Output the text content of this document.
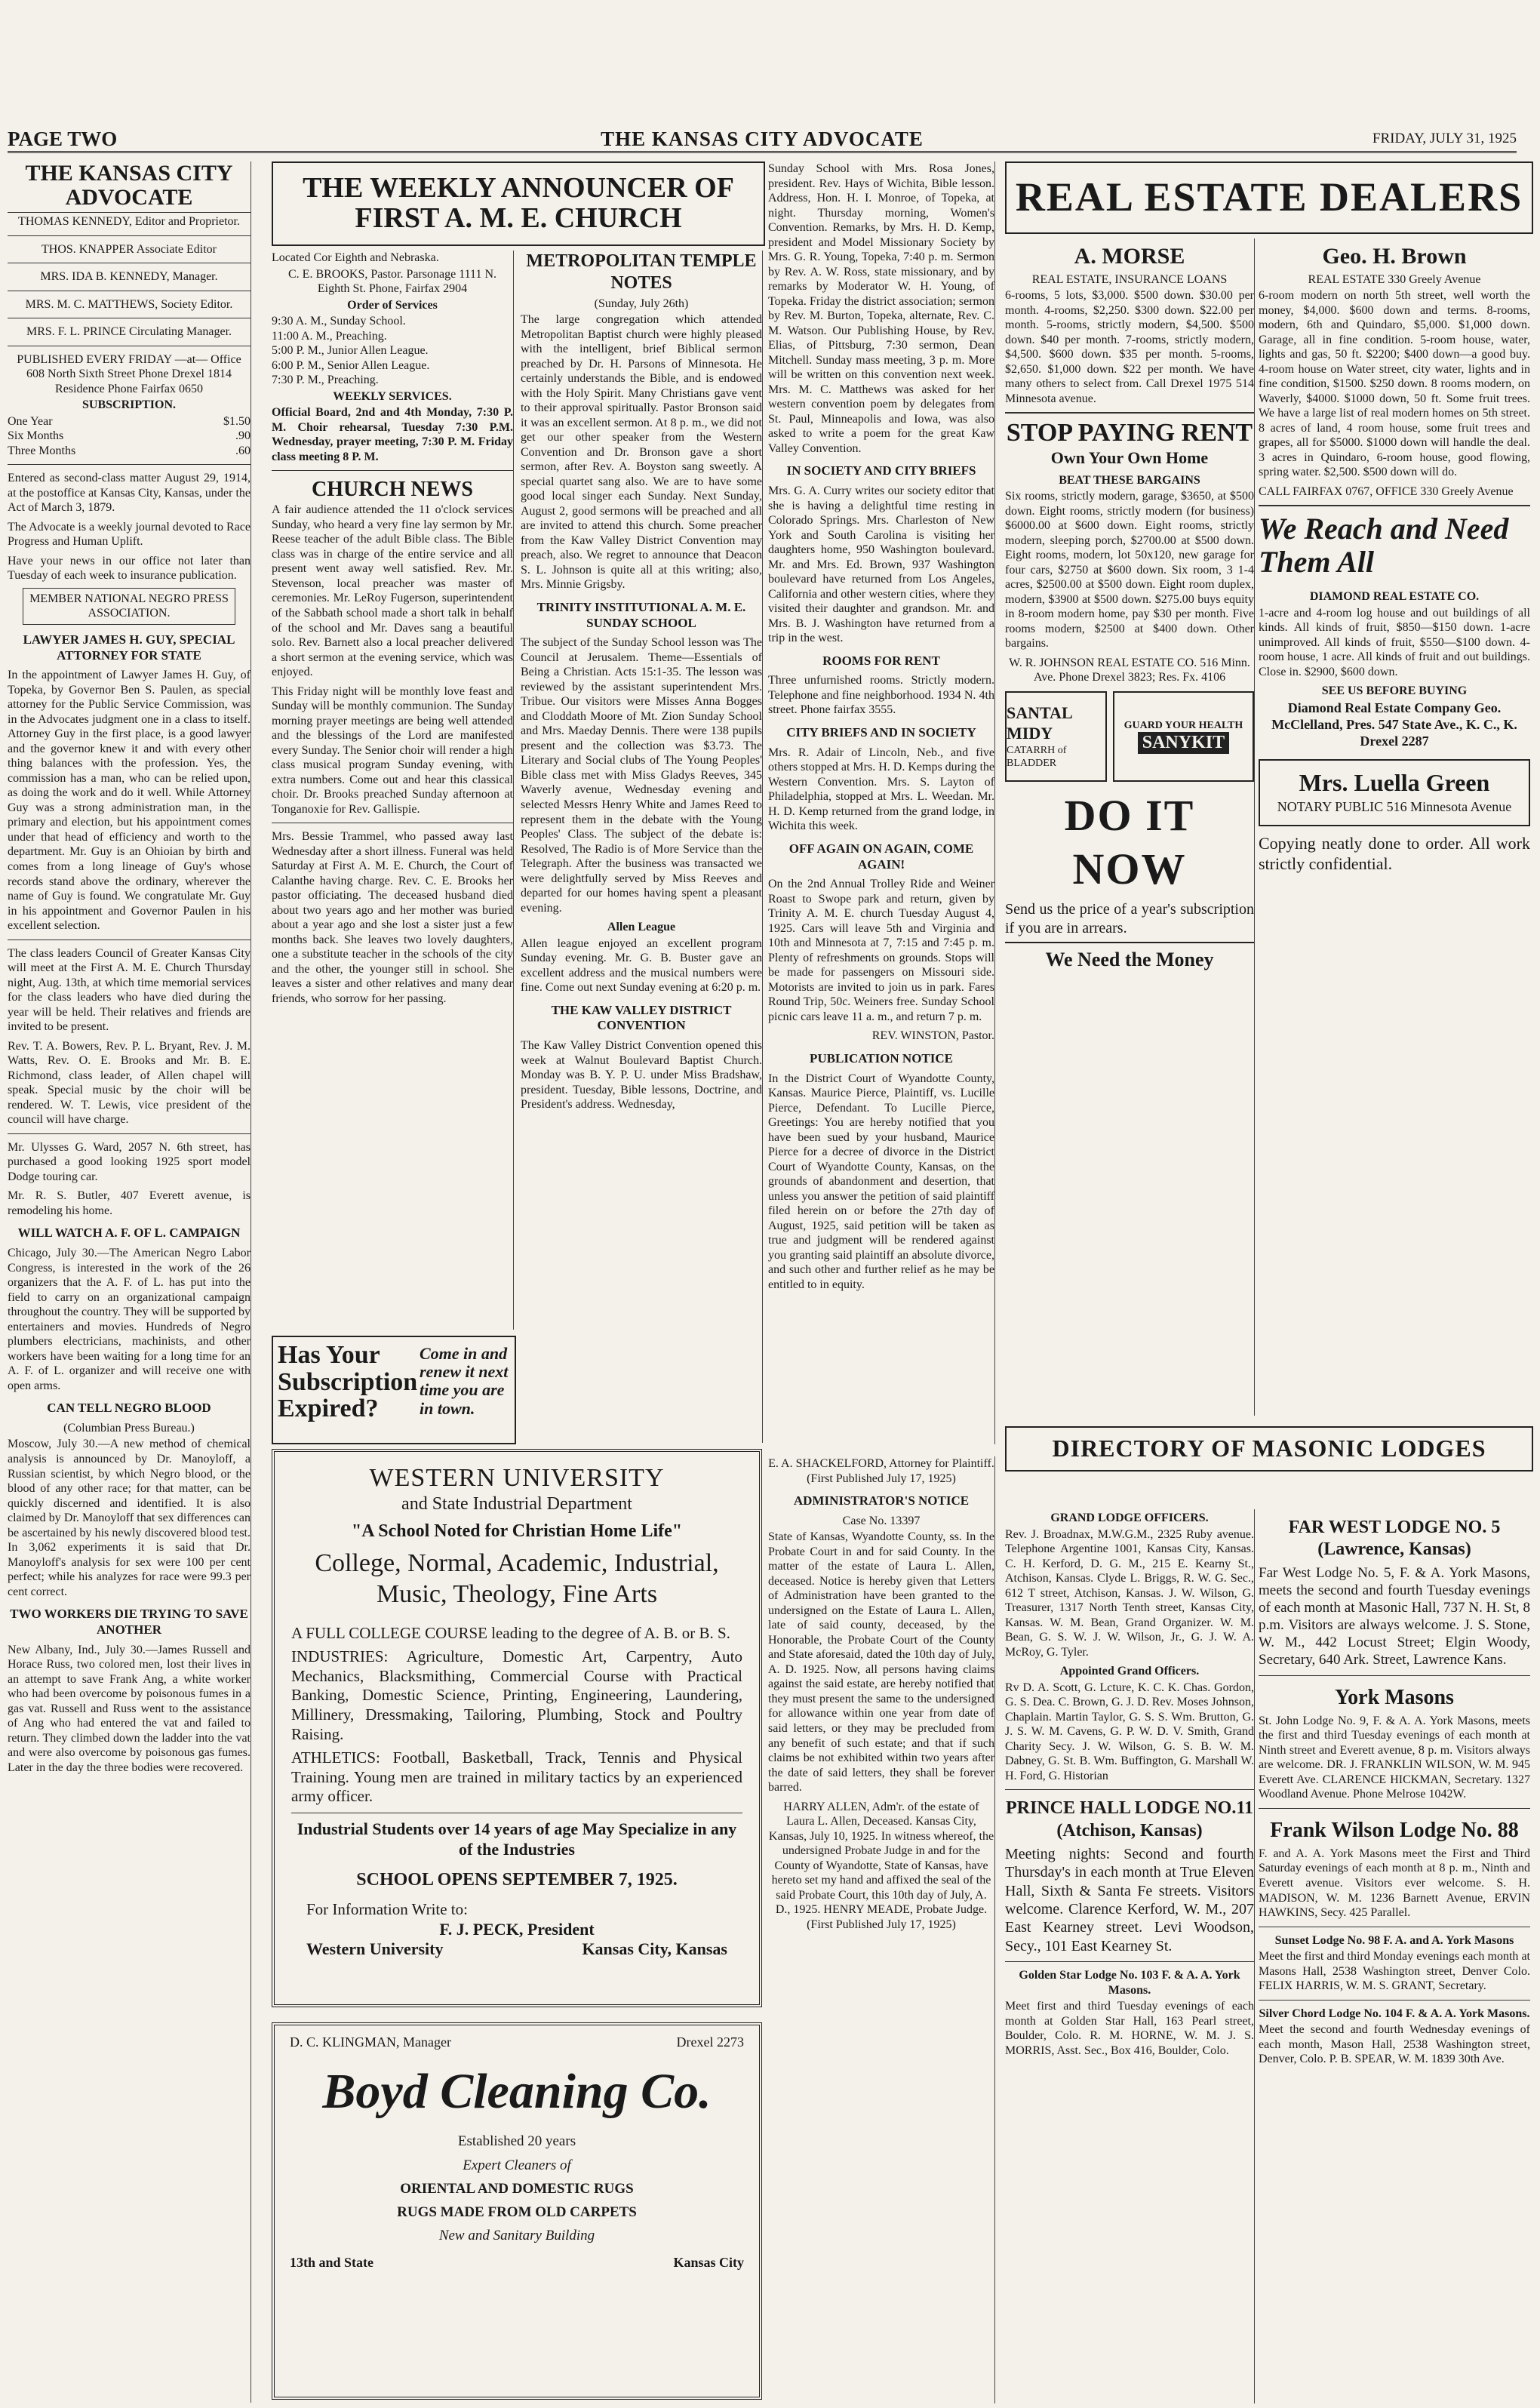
THE KANSAS CITY ADVOCATE
PAGE TWO	FRIDAY, JULY 31, 1925
THE KANSAS CITY ADVOCATE
THOMAS KENNEDY, Editor and Proprietor.
THOS. KNAPPER Associate Editor
MRS. IDA B. KENNEDY, Manager.
MRS. M. C. MATTHEWS, Society Editor.
MRS. F. L. PRINCE Circulating Manager.
PUBLISHED EVERY FRIDAY —at— Office 608 North Sixth Street Phone Drexel 1814 Residence Phone Fairfax 0650
SUBSCRIPTION.
One Year	$1.50
Six Months	.90
Three Months	.60

Entered as second-class matter August 29, 1914, at the postoffice at Kansas City, Kansas, under the Act of March 3, 1879.

The Advocate is a weekly journal devoted to Race Progress and Human Uplift.

Have your news in our office not later than Tuesday of each week to insurance publication.

MEMBER NATIONAL NEGRO PRESS ASSOCIATION.
LAWYER JAMES H. GUY, SPECIAL ATTORNEY FOR STATE

In the appointment of Lawyer James H. Guy, of Topeka, by Governor Ben S. Paulen, as special attorney for the Public Service Commission, was in the Advocates judgment one in a class to itself. Attorney Guy in the first place, is a good lawyer and the governor knew it and with every other thing balances with the profession. Yes, the commission has a man, who can be relied upon, as doing the work and do it well. While Attorney Guy was a strong administration man, in the primary and election, but his appointment comes under that head of efficiency and worth to the department. Mr. Guy is an Ohioian by birth and comes from a long lineage of Guy's whose records stand above the ordinary, wherever the name of Guy is found. We congratulate Mr. Guy in his appointment and Governor Paulen in his excellent selection.

The class leaders Council of Greater Kansas City will meet at the First A. M. E. Church Thursday night, Aug. 13th, at which time memorial services for the class leaders who have died during the year will be held. Their relatives and friends are invited to be present.

Rev. T. A. Bowers, Rev. P. L. Bryant, Rev. J. M. Watts, Rev. O. E. Brooks and Mr. B. E. Richmond, class leader, of Allen chapel will speak. Special music by the choir will be rendered. W. T. Lewis, vice president of the council will have charge.

Mr. Ulysses G. Ward, 2057 N. 6th street, has purchased a good looking 1925 sport model Dodge touring car.

Mr. R. S. Butler, 407 Everett avenue, is remodeling his home.

WILL WATCH A. F. OF L. CAMPAIGN

Chicago, July 30.—The American Negro Labor Congress, is interested in the work of the 26 organizers that the A. F. of L. has put into the field to carry on an organizational campaign throughout the country. They will be supported by entertainers and movies. Hundreds of Negro plumbers electricians, machinists, and other workers have been waiting for a long time for an A. F. of L. organizer and will receive one with open arms.

CAN TELL NEGRO BLOOD
(Columbian Press Bureau.)

Moscow, July 30.—A new method of chemical analysis is announced by Dr. Manoyloff, a Russian scientist, by which Negro blood, or the blood of any other race; for that matter, can be quickly discerned and identified. It is also claimed by Dr. Manoyloff that sex differences can be ascertained by his newly discovered blood test. In 3,062 experiments it is said that Dr. Manoyloff's analysis for sex were 100 per cent perfect; while his analyzes for race were 99.3 per cent correct.

TWO WORKERS DIE TRYING TO SAVE ANOTHER

New Albany, Ind., July 30.—James Russell and Horace Russ, two colored men, lost their lives in an attempt to save Frank Ang, a white worker who had been overcome by poisonous fumes in a gas vat. Russell and Russ went to the assistance of Ang who had entered the vat and failed to return. They climbed down the ladder into the vat and were also overcome by poisonous gas fumes. Later in the day the three bodies were recovered.

THE WEEKLY ANNOUNCER OF FIRST A. M. E. CHURCH
Located Cor Eighth and Nebraska.
C. E. BROOKS, Pastor. Parsonage 1111 N. Eighth St. Phone, Fairfax 2904
Order of Services
9:30 A. M., Sunday School.
11:00 A. M., Preaching.
5:00 P. M., Junior Allen League.
6:00 P. M., Senior Allen League.
7:30 P. M., Preaching.
WEEKLY SERVICES.

Official Board, 2nd and 4th Monday, 7:30 P. M. Choir rehearsal, Tuesday 7:30 P.M. Wednesday, prayer meeting, 7:30 P. M. Friday class meeting 8 P. M.

CHURCH NEWS

A fair audience attended the 11 o'clock services Sunday, who heard a very fine lay sermon by Mr. Reese teacher of the adult Bible class. The Bible class was in charge of the entire service and all present went away well satisfied. Rev. Mr. Stevenson, local preacher was master of ceremonies. Mr. LeRoy Fugerson, superintendent of the Sabbath school made a short talk in behalf of the school and Mr. Daves sang a beautiful solo. Rev. Barnett also a local preacher delivered a short sermon at the evening service, which was enjoyed.

This Friday night will be monthly love feast and Sunday will be monthly communion. The Sunday morning prayer meetings are being well attended and the blessings of the Lord are manifested every Sunday. The Senior choir will render a high class musical program Sunday evening, with extra numbers. Come out and hear this classical choir. Dr. Brooks preached Sunday afternoon at Tonganoxie for Rev. Gallispie.

Mrs. Bessie Trammel, who passed away last Wednesday after a short illness. Funeral was held Saturday at First A. M. E. Church, the Court of Calanthe having charge. Rev. C. E. Brooks her pastor officiating. The deceased husband died about two years ago and her mother was buried about a year ago and she lost a sister just a few months back. She leaves two lovely daughters, one a substitute teacher in the schools of the city and the other, the younger still in school. She leaves a sister and other relatives and many dear friends, who sorrow for her passing.

METROPOLITAN TEMPLE NOTES
(Sunday, July 26th)

The large congregation which attended Metropolitan Baptist church were highly pleased with the intelligent, brief Biblical sermon preached by Dr. H. Parsons of Minnesota. He certainly understands the Bible, and is endowed with the Holy Spirit. Many Christians gave vent to their approval spiritually. Pastor Bronson said it was an excellent sermon. At 8 p. m., we did not get our other speaker from the Western Convention and Dr. Bronson gave a short sermon, after Rev. A. Boyston sang sweetly. A special quartet sang also. We are to have some good local singer each Sunday. Next Sunday, August 2, good sermons will be preached and all are invited to attend this church. Some preacher from the Kaw Valley District Convention may preach, also. We regret to announce that Deacon S. L. Johnson is quite all at this writing; also, Mrs. Minnie Grigsby.

TRINITY INSTITUTIONAL A. M. E. SUNDAY SCHOOL

The subject of the Sunday School lesson was The Council at Jerusalem. Theme—Essentials of Being a Christian. Acts 15:1-35. The lesson was reviewed by the assistant superintendent Mrs. Tribue. Our visitors were Misses Anna Bogges and Cloddath Moore of Mt. Zion Sunday School and Mrs. Maeday Dennis. There were 138 pupils present and the collection was $3.73. The Literary and Social clubs of The Young Peoples' Bible class met with Miss Gladys Reeves, 345 Waverly avenue, Wednesday evening and selected Messrs Henry White and James Reed to represent them in the debate with the Young Peoples' Class. The subject of the debate is: Resolved, The Radio is of More Service than the Telegraph. After the business was transacted we were delightfully served by Miss Reeves and departed for our homes having spent a pleasant evening.

Allen League

Allen league enjoyed an excellent program Sunday evening. Mr. G. B. Buster gave an excellent address and the musical numbers were fine. Come out next Sunday evening at 6:20 p. m.

THE KAW VALLEY DISTRICT CONVENTION

The Kaw Valley District Convention opened this week at Walnut Boulevard Baptist Church. Monday was B. Y. P. U. under Miss Bradshaw, president. Tuesday, Bible lessons, Doctrine, and President's address. Wednesday,

Has Your Subscription Expired?
Come in and renew it next time you are in town.

Sunday School with Mrs. Rosa Jones, president. Rev. Hays of Wichita, Bible lesson. Address, Hon. H. I. Monroe, of Topeka, at night. Thursday morning, Women's Convention. Remarks, by Mrs. H. D. Kemp, president and Model Missionary Society by Mrs. G. R. Young, Topeka, 7:40 p. m. Sermon by Rev. A. W. Ross, state missionary, and by remarks by Moderator W. H. Young, of Topeka. Friday the district association; sermon by Rev. M. Burton, Topeka, alternate, Rev. C. M. Watson. Our Publishing House, by Rev. Elias, of Pittsburg, 7:30 sermon, Dean Mitchell. Sunday mass meeting, 3 p. m. More will be written on this convention next week. Mrs. M. C. Matthews was asked for her western convention poem by delegates from St. Paul, Minneapolis and Iowa, was also asked to write a poem for the great Kaw Valley Convention.

IN SOCIETY AND CITY BRIEFS

Mrs. G. A. Curry writes our society editor that she is having a delightful time resting in Colorado Springs. Mrs. Charleston of New York and South Carolina is visiting her daughters home, 950 Washington boulevard. Mr. and Mrs. Ed. Brown, 937 Washington boulevard have returned from Los Angeles, California and other western cities, where they visited their daughter and grandson. Mr. and Mrs. B. J. Washington have returned from a trip in the west.

ROOMS FOR RENT

Three unfurnished rooms. Strictly modern. Telephone and fine neighborhood. 1934 N. 4th street. Phone fairfax 3555.

CITY BRIEFS AND IN SOCIETY

Mrs. R. Adair of Lincoln, Neb., and five others stopped at Mrs. H. D. Kemps during the Western Convention. Mrs. S. Layton of Philadelphia, stopped at Mrs. L. Weedan. Mr. H. D. Kemp returned from the grand lodge, in Wichita this week.

OFF AGAIN ON AGAIN, COME AGAIN!

On the 2nd Annual Trolley Ride and Weiner Roast to Swope park and return, given by Trinity A. M. E. church Tuesday August 4, 1925. Cars will leave 5th and Virginia and 10th and Minnesota at 7, 7:15 and 7:45 p. m. Plenty of refreshments on grounds. Stops will be made for passengers on Missouri side. Motorists are invited to join us in park. Fares Round Trip, 50c. Weiners free. Sunday School picnic cars leave 11 a. m., and return 7 p. m.

REV. WINSTON, Pastor.
PUBLICATION NOTICE

In the District Court of Wyandotte County, Kansas. Maurice Pierce, Plaintiff, vs. Lucille Pierce, Defendant. To Lucille Pierce, Greetings: You are hereby notified that you have been sued by your husband, Maurice Pierce for a decree of divorce in the District Court of Wyandotte County, Kansas, on the grounds of abandonment and desertion, that unless you answer the petition of said plaintiff filed herein on or before the 27th day of August, 1925, said petition will be taken as true and judgment will be rendered against you granting said plaintiff an absolute divorce, and such other and further relief as he may be entitled to in equity.

E. A. SHACKELFORD, Attorney for Plaintiff. (First Published July 17, 1925)

ADMINISTRATOR'S NOTICE
Case No. 13397

State of Kansas, Wyandotte County, ss. In the Probate Court in and for said County. In the matter of the estate of Laura L. Allen, deceased. Notice is hereby given that Letters of Administration have been granted to the undersigned on the Estate of Laura L. Allen, late of said county, deceased, by the Honorable, the Probate Court of the County and State aforesaid, dated the 10th day of July, A. D. 1925. Now, all persons having claims against the said estate, are hereby notified that they must present the same to the undersigned for allowance within one year from date of said letters, or they may be precluded from any benefit of such estate; and that if such claims be not exhibited within two years after the date of said letters, they shall be forever barred.

HARRY ALLEN, Adm'r. of the estate of Laura L. Allen, Deceased. Kansas City, Kansas, July 10, 1925. In witness whereof, the undersigned Probate Judge in and for the County of Wyandotte, State of Kansas, have hereto set my hand and affixed the seal of the said Probate Court, this 10th day of July, A. D., 1925. HENRY MEADE, Probate Judge. (First Published July 17, 1925)

REAL ESTATE DEALERS
A. MORSE
REAL ESTATE, INSURANCE LOANS

6-rooms, 5 lots, $3,000. $500 down. $30.00 per month. 4-rooms, $2,250. $300 down. $22.00 per month. 5-rooms, strictly modern, $4,500. $500 down. $40 per month. 7-rooms, strictly modern, $4,500. $600 down. $35 per month. 5-rooms, $2,650. $1,000 down. $22 per month. We have many others to select from. Call Drexel 1975 514 Minnesota avenue.

STOP PAYING RENT
Own Your Own Home
BEAT THESE BARGAINS

Six rooms, strictly modern, garage, $3650, at $500 down. Eight rooms, strictly modern (for business) $6000.00 at $600 down. Eight rooms, strictly modern, sleeping porch, $2700.00 at $500 down. Eight rooms, modern, lot 50x120, new garage for four cars, $2750 at $600 down. Six room, 3 1-4 acres, $2500.00 at $500 down. Eight room duplex, modern, $3900 at $500 down. $275.00 buys equity in 8-room modern home, pay $30 per month. Five rooms modern, $2500 at $400 down. Other bargains.

W. R. JOHNSON REAL ESTATE CO. 516 Minn. Ave. Phone Drexel 3823; Res. Fx. 4106
SANTAL MIDY
CATARRH of BLADDER
GUARD YOUR HEALTH
SANYKIT
DO IT NOW

Send us the price of a year's subscription if you are in arrears.

We Need the Money
Geo. H. Brown
REAL ESTATE 330 Greely Avenue

6-room modern on north 5th street, well worth the money, $4,000. $600 down and terms. 8-rooms, modern, 6th and Quindaro, $5,000. $1,000 down. Garage, all in fine condition. 5-room house, water, lights and gas, 50 ft. $2200; $400 down—a good buy. 4-room house on Water street, city water, lights and in fine condition, $1500. $250 down. 8 rooms modern, on Waverly, $4000. $1000 down, 50 ft. Some fruit trees. We have a large list of real modern homes on 5th street. 8 acres of land, 4 room house, some fruit trees and grapes, all for $5000. $1000 down will handle the deal. 3 acres in Quindaro, 6-room house, good flowing, spring water. $2,500. $500 down will do.

CALL FAIRFAX 0767, OFFICE 330 Greely Avenue

We Reach and Need Them All
DIAMOND REAL ESTATE CO.

1-acre and 4-room log house and out buildings of all kinds. All kinds of fruit, $850—$150 down. 1-acre unimproved. All kinds of fruit, $550—$100 down. 4-room house, 1 acre. All kinds of fruit and out buildings. Close in. $2900, $600 down.

SEE US BEFORE BUYING
Diamond Real Estate Company Geo. McClelland, Pres. 547 State Ave., K. C., K. Drexel 2287
Mrs. Luella Green
NOTARY PUBLIC 516 Minnesota Avenue

Copying neatly done to order. All work strictly confidential.

DIRECTORY OF MASONIC LODGES
GRAND LODGE OFFICERS.

Rev. J. Broadnax, M.W.G.M., 2325 Ruby avenue. Telephone Argentine 1001, Kansas City, Kansas. C. H. Kerford, D. G. M., 215 E. Kearny St., Atchison, Kansas. Clyde L. Briggs, R. W. G. Sec., 612 T street, Atchison, Kansas. J. W. Wilson, G. Treasurer, 1317 North Tenth street, Kansas City, Kansas. W. M. Bean, Grand Organizer. W. M. Bean, G. S. W. J. W. Wilson, Jr., G. J. W. A. McRoy, G. Tyler.

Appointed Grand Officers.

Rv D. A. Scott, G. Lcture, K. C. K. Chas. Gordon, G. S. Dea. C. Brown, G. J. D. Rev. Moses Johnson, Chaplain. Martin Taylor, G. S. S. Wm. Brutton, G. J. S. W. M. Cavens, G. P. W. D. V. Smith, Grand Charity Secy. J. W. Wilson, G. S. B. W. M. Dabney, G. St. B. Wm. Buffington, G. Marshall W. H. Ford, G. Historian

PRINCE HALL LODGE NO.11 (Atchison, Kansas)

Meeting nights: Second and fourth Thursday's in each month at True Eleven Hall, Sixth & Santa Fe streets. Visitors welcome. Clarence Kerford, W. M., 207 East Kearney street. Levi Woodson, Secy., 101 East Kearney St.

Golden Star Lodge No. 103 F. & A. A. York Masons.

Meet first and third Tuesday evenings of each month at Golden Star Hall, 163 Pearl street, Boulder, Colo. R. M. HORNE, W. M. J. S. MORRIS, Asst. Sec., Box 416, Boulder, Colo.

FAR WEST LODGE NO. 5 (Lawrence, Kansas)

Far West Lodge No. 5, F. & A. York Masons, meets the second and fourth Tuesday evenings of each month at Masonic Hall, 737 N. H. St, 8 p.m. Visitors are always welcome. J. S. Stone, W. M., 442 Locust Street; Elgin Woody, Secretary, 640 Ark. Street, Lawrence Kans.

York Masons

St. John Lodge No. 9, F. & A. A. York Masons, meets the first and third Tuesday evenings of each month at Ninth street and Everett avenue, 8 p. m. Visitors always are welcome. DR. J. FRANKLIN WILSON, W. M. 945 Everett Ave. CLARENCE HICKMAN, Secretary. 1327 Woodland Avenue. Phone Melrose 1042W.

Frank Wilson Lodge No. 88

F. and A. A. York Masons meet the First and Third Saturday evenings of each month at 8 p. m., Ninth and Everett avenue. Visitors ever welcome. S. H. MADISON, W. M. 1236 Barnett Avenue, ERVIN HAWKINS, Secy. 425 Parallel.

Sunset Lodge No. 98 F. A. and A. York Masons

Meet the first and third Monday evenings each month at Masons Hall, 2538 Washington street, Denver Colo. FELIX HARRIS, W. M. S. GRANT, Secretary.

Silver Chord Lodge No. 104 F. & A. A. York Masons.

Meet the second and fourth Wednesday evenings of each month, Mason Hall, 2538 Washington street, Denver, Colo. P. B. SPEAR, W. M. 1839 30th Ave.

WESTERN UNIVERSITY
and State Industrial Department
"A School Noted for Christian Home Life"
College, Normal, Academic, Industrial, Music, Theology, Fine Arts

A FULL COLLEGE COURSE leading to the degree of A. B. or B. S.

INDUSTRIES: Agriculture, Domestic Art, Carpentry, Auto Mechanics, Blacksmithing, Commercial Course with Practical Banking, Domestic Science, Printing, Engineering, Laundering, Millinery, Dressmaking, Tailoring, Plumbing, Stock and Poultry Raising.

ATHLETICS: Football, Basketball, Track, Tennis and Physical Training. Young men are trained in military tactics by an experienced army officer.

Industrial Students over 14 years of age May Specialize in any of the Industries
SCHOOL OPENS SEPTEMBER 7, 1925.
For Information Write to:
F. J. PECK, President
Western University	Kansas City, Kansas
D. C. KLINGMAN, Manager	Drexel 2273
Boyd Cleaning Co.
Established 20 years
Expert Cleaners of
ORIENTAL AND DOMESTIC RUGS
RUGS MADE FROM OLD CARPETS
New and Sanitary Building
13th and State	Kansas City
